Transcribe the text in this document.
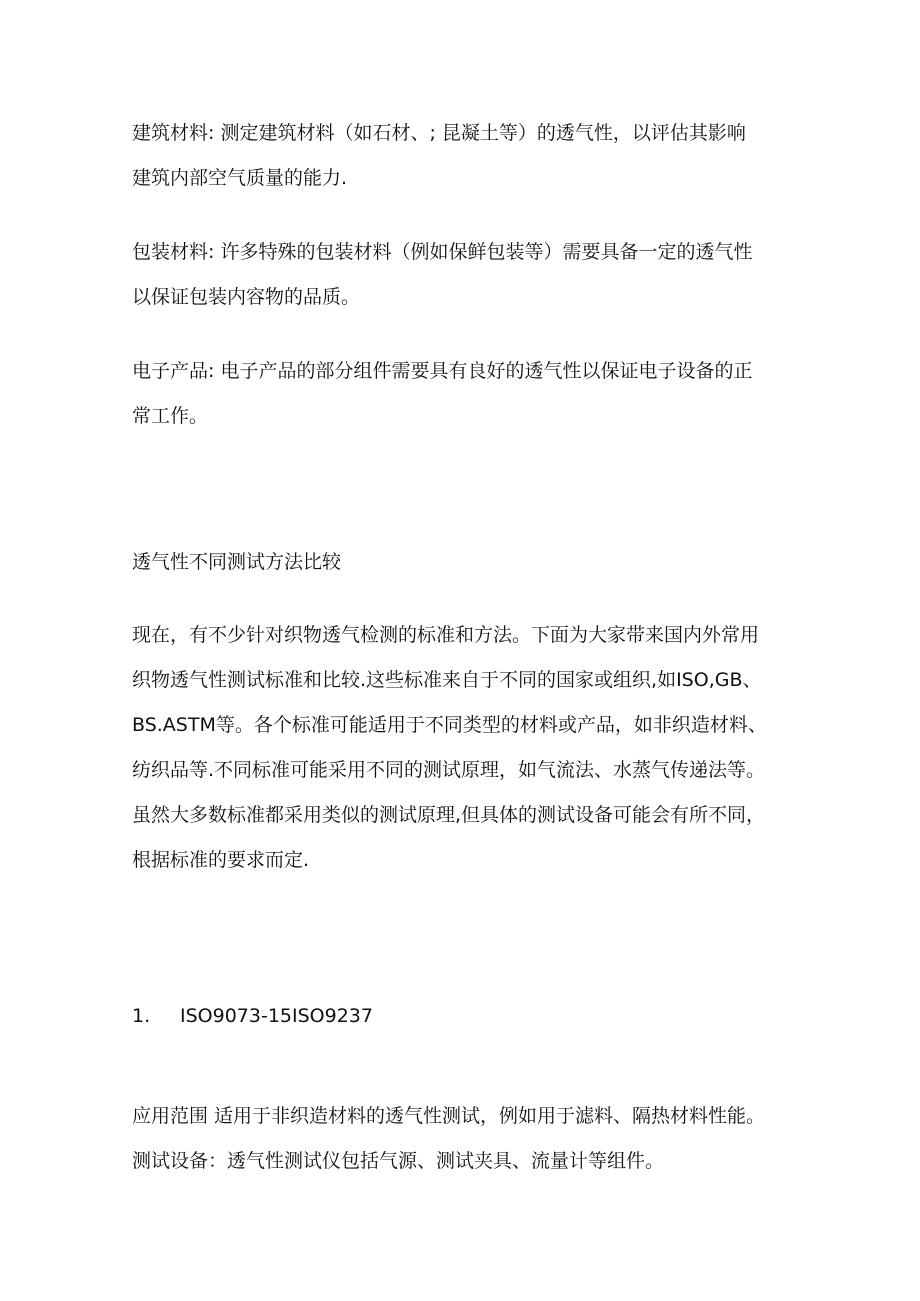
建筑材料: 测定建筑材料（如石材、; 昆凝土等）的透气性，以评估其影响
建筑内部空气质量的能力.

包装材料: 许多特殊的包装材料（例如保鲜包装等）需要具备一定的透气性
以保证包装内容物的品质。

电子产品: 电子产品的部分组件需要具有良好的透气性以保证电子设备的正
常工作。

透气性不同测试方法比较

现在，有不少针对织物透气检测的标准和方法。下面为大家带来国内外常用
织物透气性测试标准和比较.这些标准来自于不同的国家或组织,如ISO,GB、
BS.ASTM等。各个标准可能适用于不同类型的材料或产品，如非织造材料、
纺织品等.不同标准可能采用不同的测试原理，如气流法、水蒸气传递法等。
虽然大多数标准都采用类似的测试原理,但具体的测试设备可能会有所不同，
根据标准的要求而定.

1. ISO9073-15ISO9237

应用范围 适用于非织造材料的透气性测试，例如用于滤料、隔热材料性能。
测试设备：透气性测试仪包括气源、测试夹具、流量计等组件。
